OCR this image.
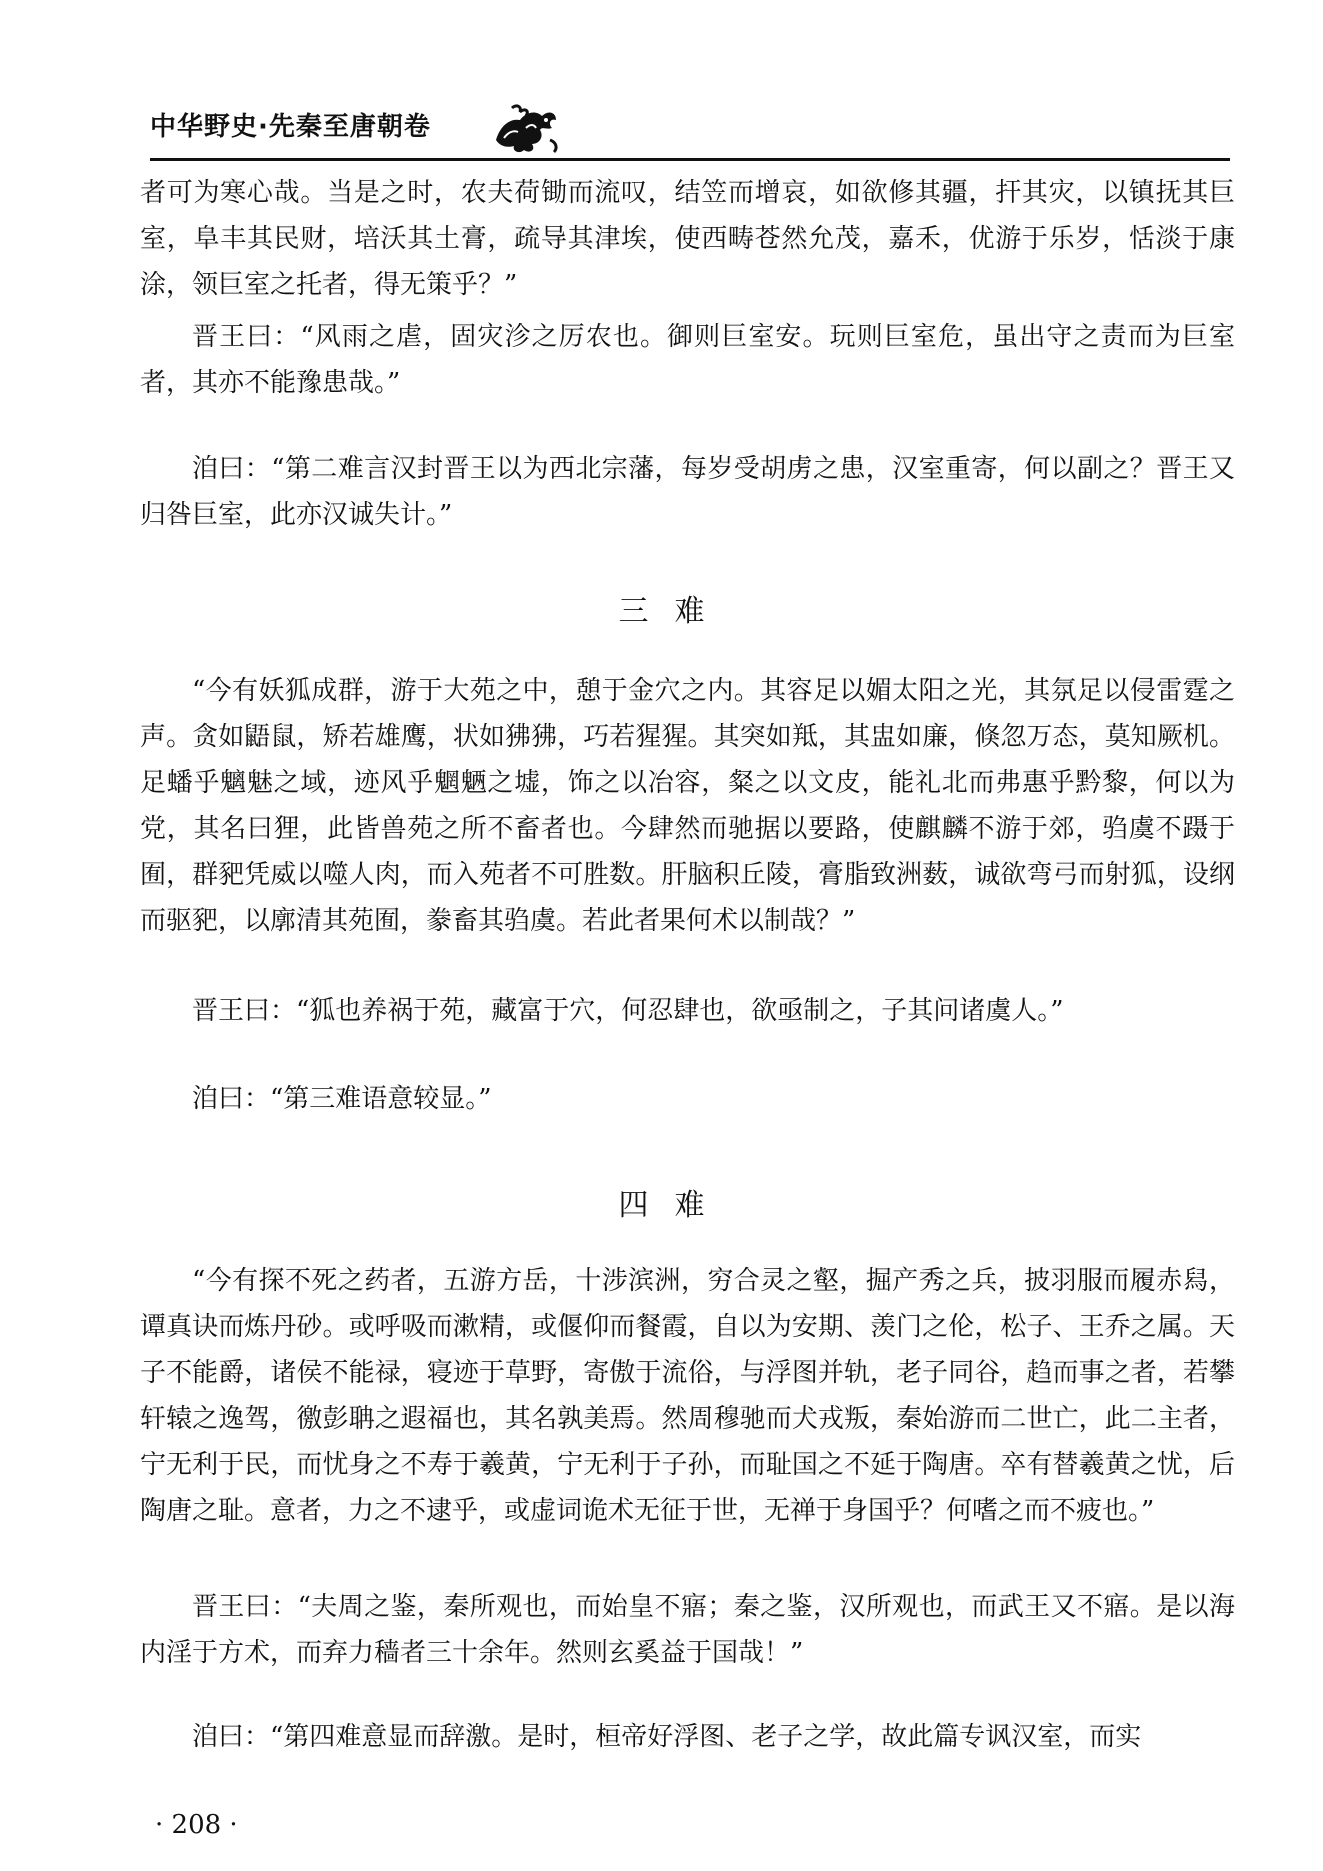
中华野史·先秦至唐朝卷

者可为寒心哉。当是之时，农夫荷锄而流叹，结笠而增哀，如欲修其疆，扞其灾，以镇抚其巨室，阜丰其民财，培沃其土膏，疏导其津埃，使西畴苍然允茂，嘉禾，优游于乐岁，恬淡于康涂，领巨室之托者，得无策乎？”

晋王曰：“风雨之虐，固灾沴之厉农也。御则巨室安。玩则巨室危，虽出守之责而为巨室者，其亦不能豫患哉。”

洎曰：“第二难言汉封晋王以为西北宗藩，每岁受胡虏之患，汉室重寄，何以副之？晋王又归咎巨室，此亦汉诚失计。”

三难

“今有妖狐成群，游于大苑之中，憩于金穴之内。其容足以媚太阳之光，其氛足以侵雷霆之声。贪如鼯鼠，矫若雄鹰，状如狒狒，巧若猩猩。其突如羝，其盅如廉，倏忽万态，莫知厥机。足蟠乎魑魅之域，迹风乎魍魉之墟，饰之以冶容，粲之以文皮，能礼北而弗惠乎黔黎，何以为党，其名曰狸，此皆兽苑之所不畜者也。今肆然而驰据以要路，使麒麟不游于郊，驺虞不蹑于囿，群豝凭威以噬人肉，而入苑者不可胜数。肝脑积丘陵，膏脂致洲薮，诚欲弯弓而射狐，设纲而驱豝，以廓清其苑囿，豢畜其驺虞。若此者果何术以制哉？”

晋王曰：“狐也养祸于苑，藏富于穴，何忍肆也，欲亟制之，子其问诸虞人。”

洎曰：“第三难语意较显。”

四难

“今有探不死之药者，五游方岳，十涉滨洲，穷合灵之壑，掘产秀之兵，披羽服而履赤舄，谭真诀而炼丹砂。或呼吸而漱精，或偃仰而餐霞，自以为安期、羡门之伦，松子、王乔之属。天子不能爵，诸侯不能禄，寝迹于草野，寄傲于流俗，与浮图并轨，老子同谷，趋而事之者，若攀轩辕之逸驾，徼彭聃之遐福也，其名孰美焉。然周穆驰而犬戎叛，秦始游而二世亡，此二主者，宁无利于民，而忧身之不寿于羲黄，宁无利于子孙，而耻国之不延于陶唐。卒有替羲黄之忧，后陶唐之耻。意者，力之不逮乎，或虚词诡术无征于世，无禅于身国乎？何嗜之而不疲也。”

晋王曰：“夫周之鉴，秦所观也，而始皇不寤；秦之鉴，汉所观也，而武王又不寤。是以海内淫于方术，而弃力穑者三十余年。然则玄奚益于国哉！”

洎曰：“第四难意显而辞激。是时，桓帝好浮图、老子之学，故此篇专讽汉室，而实

· 208 ·
